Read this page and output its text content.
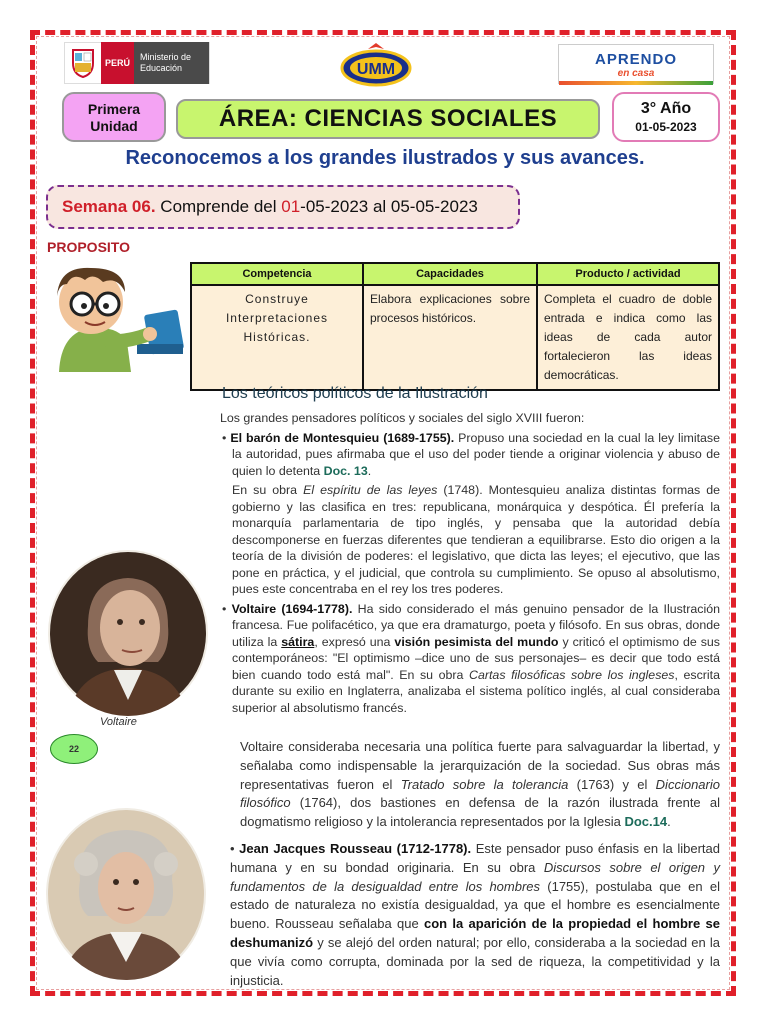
PERÚ
Ministerio de Educación	UMM
APRENDO
en casa
Primera
Unidad	ÁREA: CIENCIAS SOCIALES	3° Año
01-05-2023
Reconocemos a los grandes ilustrados y sus avances.
Semana 06. Comprende del 01-05-2023 al 05-05-2023
PROPOSITO
Competencia	Capacidades	Producto / actividad
Construye Interpretaciones Históricas.	Elabora explicaciones sobre procesos históricos.	Completa el cuadro de doble entrada e indica como las ideas de cada autor fortalecieron las ideas democráticas.
Los teóricos políticos de la Ilustración

Los grandes pensadores políticos y sociales del siglo XVIII fueron:

• El barón de Montesquieu (1689-1755). Propuso una sociedad en la cual la ley limitase la autoridad, pues afirmaba que el uso del poder tiende a originar violencia y abuso de quien lo detenta Doc. 13.

En su obra El espíritu de las leyes (1748). Montesquieu analiza distintas formas de gobierno y las clasifica en tres: republicana, monárquica y despótica. Él prefería la monarquía parlamentaria de tipo inglés, y pensaba que la autoridad debía descomponerse en fuerzas diferentes que tendieran a equilibrarse. Esto dio origen a la teoría de la división de poderes: el legislativo, que dicta las leyes; el ejecutivo, que las pone en práctica, y el judicial, que controla su cumplimiento. Se opuso al absolutismo, pues este concentraba en el rey los tres poderes.

• Voltaire (1694-1778). Ha sido considerado el más genuino pensador de la Ilustración francesa. Fue polifacético, ya que era dramaturgo, poeta y filósofo. En sus obras, donde utiliza la sátira, expresó una visión pesimista del mundo y criticó el optimismo de sus contemporáneos: "El optimismo –dice uno de sus personajes– es decir que todo está bien cuando todo está mal". En su obra Cartas filosóficas sobre los ingleses, escrita durante su exilio en Inglaterra, analizaba el sistema político inglés, al cual consideraba superior al absolutismo francés.

Voltaire
22	Voltaire consideraba necesaria una política fuerte para salvaguardar la libertad, y señalaba como indispensable la jerarquización de la sociedad. Sus obras más representativas fueron el Tratado sobre la tolerancia (1763) y el Diccionario filosófico (1764), dos bastiones en defensa de la razón ilustrada frente al dogmatismo religioso y la intolerancia representados por la Iglesia Doc.14.

• Jean Jacques Rousseau (1712-1778). Este pensador puso énfasis en la libertad humana y en su bondad originaria. En su obra Discursos sobre el origen y fundamentos de la desigualdad entre los hombres (1755), postulaba que en el estado de naturaleza no existía desigualdad, ya que el hombre es esencialmente bueno. Rousseau señalaba que con la aparición de la propiedad el hombre se deshumanizó y se alejó del orden natural; por ello, consideraba a la sociedad en la que vivía como corrupta, dominada por la sed de riqueza, la competitividad y la injusticia.
